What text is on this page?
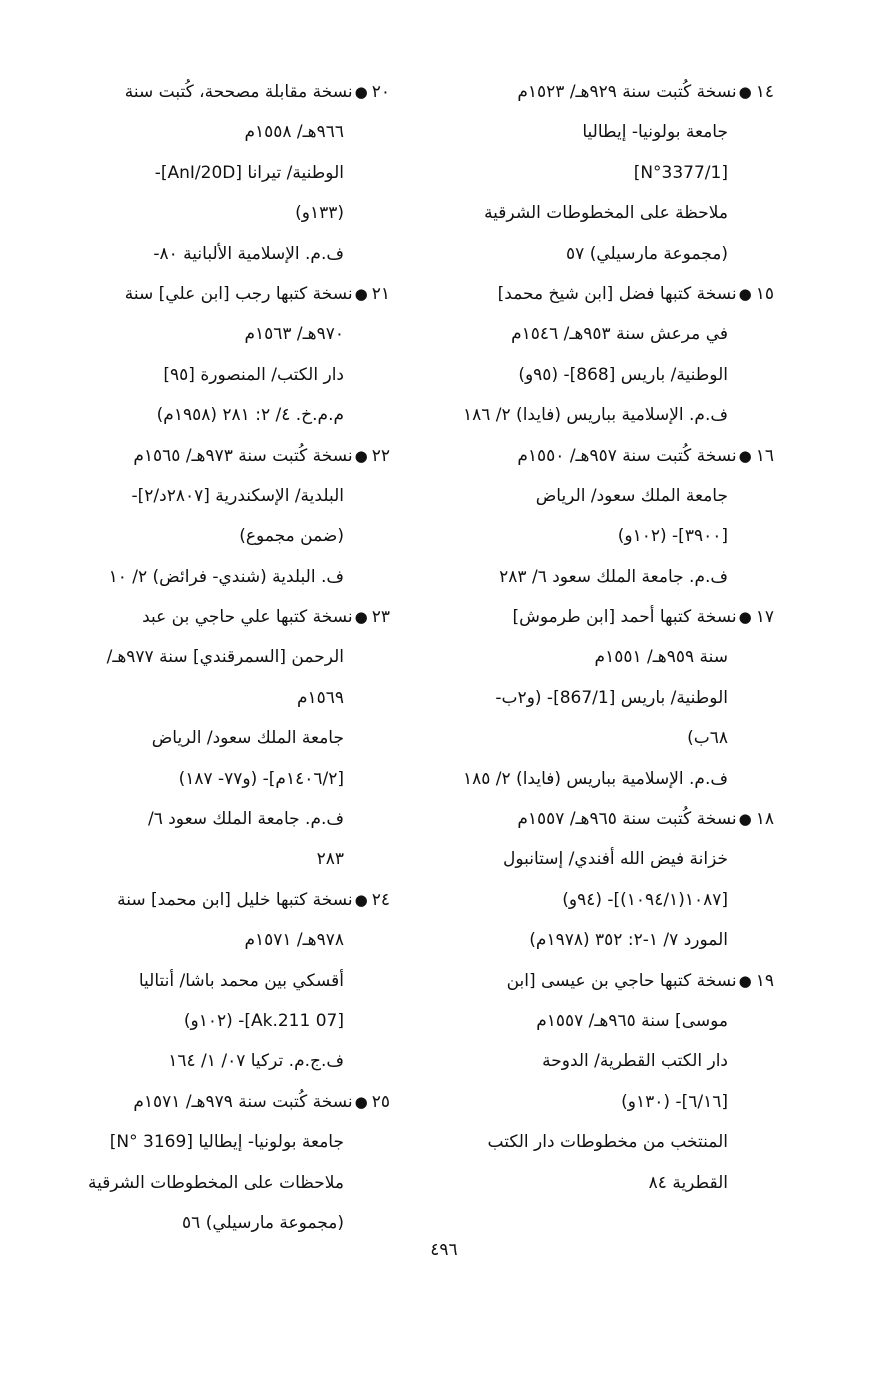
١٤●نسخة كُتبت سنة ٩٢٩هـ/ ١٥٢٣م
جامعة بولونيا- إيطاليا
[N°3377/1]
ملاحظة على المخطوطات الشرقية
(مجموعة مارسيلي) ٥٧
١٥●نسخة كتبها فضل [ابن شيخ محمد]
في مرعش سنة ٩٥٣هـ/ ١٥٤٦م
الوطنية/ باريس [868]- (٩٥و)
ف.م. الإسلامية بباريس (فايدا) ٢/ ١٨٦
١٦●نسخة كُتبت سنة ٩٥٧هـ/ ١٥٥٠م
جامعة الملك سعود/ الرياض
[٣٩٠٠]- (١٠٢و)
ف.م. جامعة الملك سعود ٦/ ٢٨٣
١٧●نسخة كتبها أحمد [ابن طرموش]
سنة ٩٥٩هـ/ ١٥٥١م
الوطنية/ باريس [867/1]- (و٢ب-
٦٨ب)
ف.م. الإسلامية بباريس (فايدا) ٢/ ١٨٥
١٨●نسخة كُتبت سنة ٩٦٥هـ/ ١٥٥٧م
خزانة فيض الله أفندي/ إستانبول
[١٠٨٧(١٠٩٤/١)]- (٩٤و)
المورد ٧/ ١-٢: ٣٥٢ (١٩٧٨م)
١٩●نسخة كتبها حاجي بن عيسى [ابن
موسى] سنة ٩٦٥هـ/ ١٥٥٧م
دار الكتب القطرية/ الدوحة
[٦/١٦]- (١٣٠و)
المنتخب من مخطوطات دار الكتب
القطرية ٨٤
٢٠●نسخة مقابلة مصححة، كُتبت سنة
٩٦٦هـ/ ١٥٥٨م
الوطنية/ تيرانا [AnI/20D]-
(١٣٣و)
ف.م. الإسلامية الألبانية ٨٠-
٢١●نسخة كتبها رجب [ابن علي] سنة
٩٧٠هـ/ ١٥٦٣م
دار الكتب/ المنصورة [٩٥]
م.م.خ. ٤/ ٢: ٢٨١ (١٩٥٨م)
٢٢●نسخة كُتبت سنة ٩٧٣هـ/ ١٥٦٥م
البلدية/ الإسكندرية [٢٨٠٧د/٢]-
(ضمن مجموع)
ف. البلدية (شندي- فرائض) ٢/ ١٠
٢٣●نسخة كتبها علي حاجي بن عبد
الرحمن [السمرقندي] سنة ٩٧٧هـ/
١٥٦٩م
جامعة الملك سعود/ الرياض
[١٤٠٦/٢م]- (و٧٧- ١٨٧)
ف.م. جامعة الملك سعود ٦/
٢٨٣
٢٤●نسخة كتبها خليل [ابن محمد] سنة
٩٧٨هـ/ ١٥٧١م
أقسكي بين محمد باشا/ أنتاليا
[07 Ak.211]- (١٠٢و)
ف.ج.م. تركيا ٠٧/ ١/ ١٦٤
٢٥●نسخة كُتبت سنة ٩٧٩هـ/ ١٥٧١م
جامعة بولونيا- إيطاليا [N° 3169]
ملاحظات على المخطوطات الشرقية
(مجموعة مارسيلي) ٥٦
٤٩٦
